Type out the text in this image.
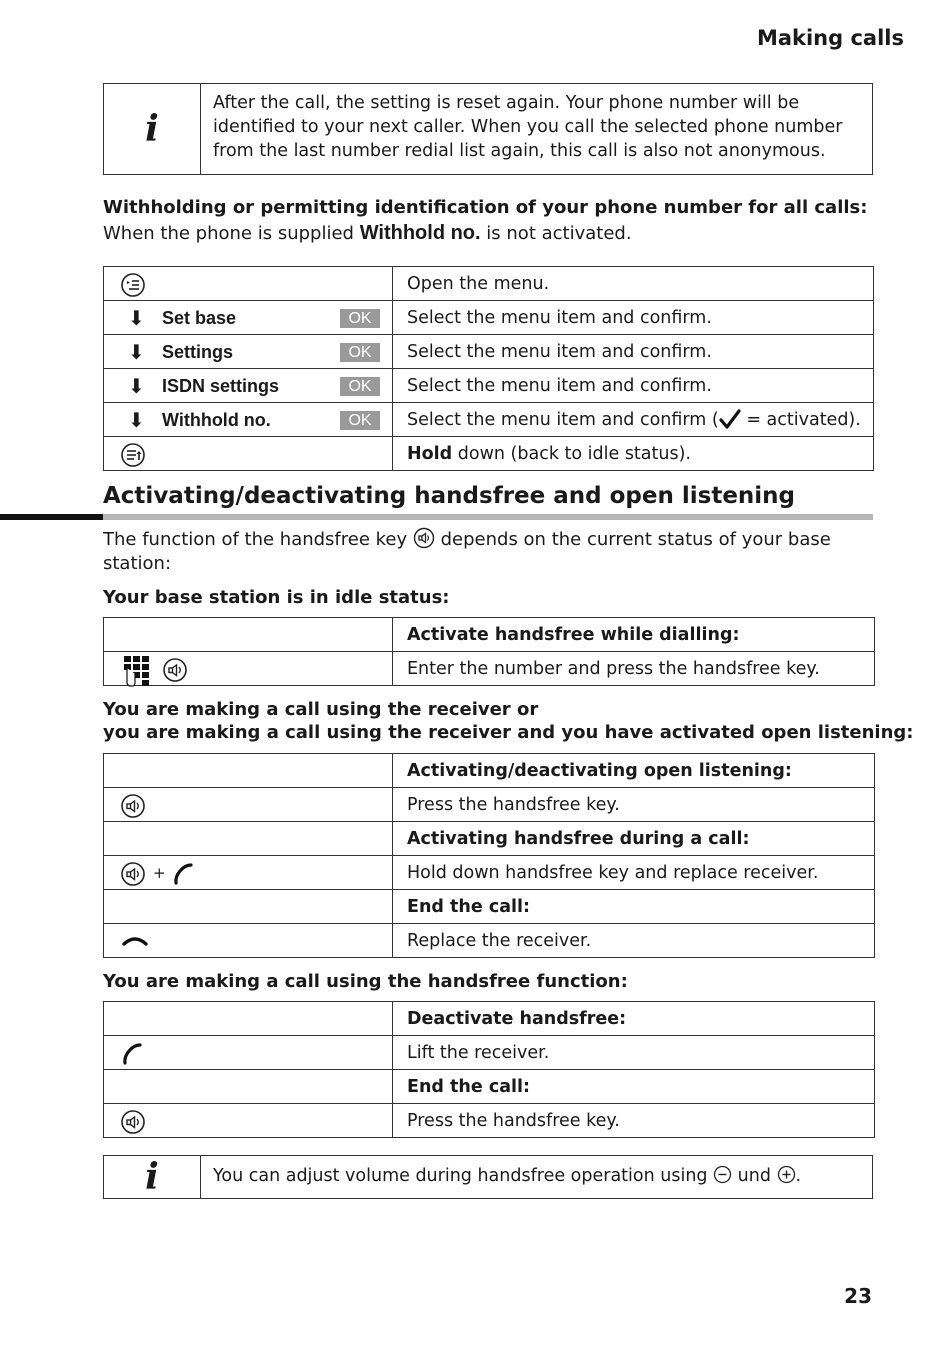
Making calls
i
After the call, the setting is reset again. Your phone number will be identified to your next caller. When you call the selected phone number from the last number redial list again, this call is also not anonymous.
Withholding or permitting identification of your phone number for all calls:
When the phone is supplied Withhold no. is not activated.
	Open the menu.

⬇ Set base OK	Select the menu item and confirm.

⬇ Settings OK	Select the menu item and confirm.

⬇ ISDN settings OK	Select the menu item and confirm.

⬇ Withhold no. OK	Select the menu item and confirm ( = activated).

	Hold down (back to idle status).
Activating/deactivating handsfree and open listening
The function of the handsfree key  depends on the current status of your base station:
Your base station is in idle status:
	Activate handsfree while dialling:

	Enter the number and press the handsfree key.
You are making a call using the receiver or
you are making a call using the receiver and you have activated open listening:
	Activating/deactivating open listening:

	Press the handsfree key.
	Activating handsfree during a call:

+	Hold down handsfree key and replace receiver.
	End the call:

	Replace the receiver.
You are making a call using the handsfree function:
	Deactivate handsfree:

	Lift the receiver.
	End the call:

	Press the handsfree key.
i	You can adjust volume during handsfree operation using  und .
23
